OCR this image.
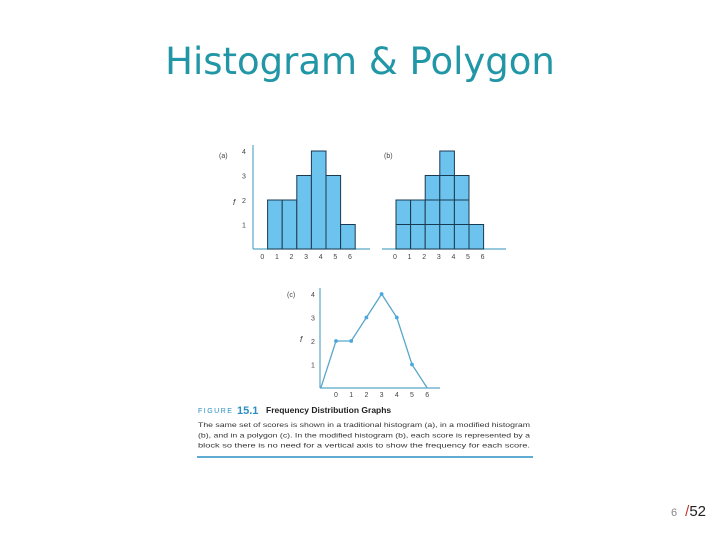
Histogram & Polygon
(a)
f
1
2
3
4
0 1 2 3 4 5 6
(b)
0 1 2 3 4 5 6
(c)
f
1
2
3
4
0 1 2 3 4 5 6
FIGURE 15.1 Frequency Distribution Graphs
The same set of scores is shown in a traditional histogram (a), in a modified histogram
(b), and in a polygon (c). In the modified histogram (b), each score is represented by a
block so there is no need for a vertical axis to show the frequency for each score.
6 /52
